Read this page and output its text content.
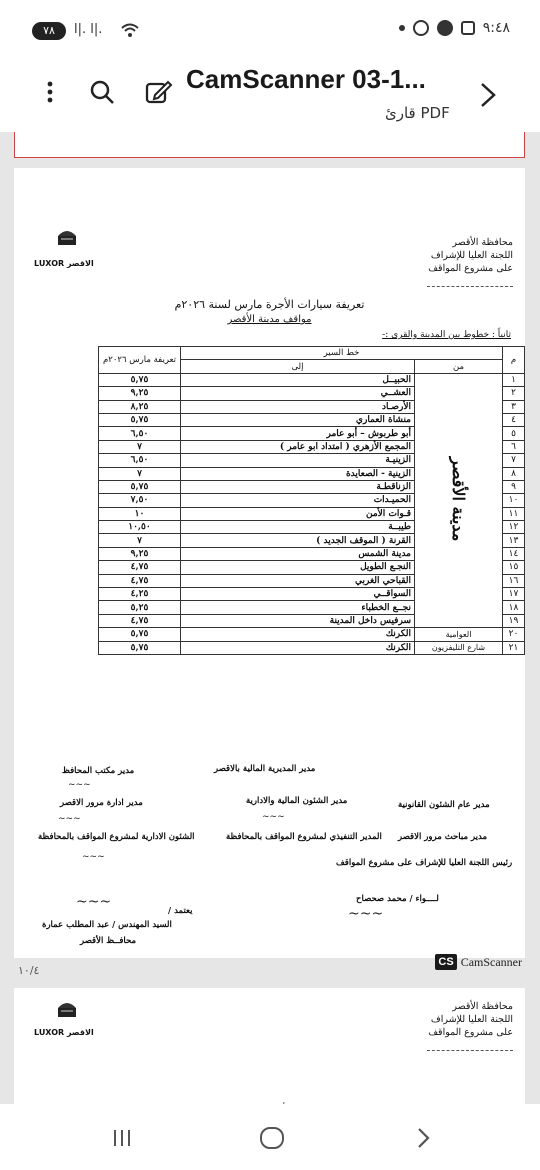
٧٨	l|. l|.	٩:٤٨
CamScanner 03-1...
قارئ PDF
محافظة الأقصر
اللجنة العليا للإشراف
على مشروع المواقف
LUXOR الاقصر
تعريفة سيارات الأجرة مارس لسنة ٢٠٢٦م
مواقف مدينة الأقصر
ثانياً : خطوط بين المدينة والقرى :-
م	خط السير		تعريفة مارس ٢٠٢٦م
	من	إلى	
١	مدينة الأقصر	الحبيــل	٥,٧٥
٢		العشــي	٩,٢٥
٣		الأرصـاد	٨,٢٥
٤		منشاة العماري	٥,٧٥
٥		أبو طربوش – أبو عامر	٦,٥٠
٦		المجمع الأزهري ( امتداد ابو عامر )	٧
٧		الزينيـة	٦,٥٠
٨		الزينية - الصعايدة	٧
٩		الزناقطـة	٥,٧٥
١٠		الحميـدات	٧,٥٠
١١		قـوات الأمن	١٠
١٢		طيبــة	١٠,٥٠
١٣		القرنة ( الموقف الجديد )	٧
١٤		مدينة الشمس	٩,٢٥
١٥		النجـع الطويل	٤,٧٥
١٦		القباحي الغربي	٤,٧٥
١٧		السواقــي	٤,٢٥
١٨		نجــع الخطباء	٥,٢٥
١٩		سرفيس داخل المدينة	٤,٧٥
٢٠	العوامية	الكرنك	٥,٧٥
٢١	شارع التليفزيون	الكرنك	٥,٧٥
مدير مكتب المحافظ	مدير المديرية المالية بالاقصر
~~~
مدير ادارة مرور الاقصر	مدير الشئون المالية والادارية	مدير عام الشئون القانونية
~~~	~~~
الشئون الادارية لمشروع المواقف بالمحافظة	المدير التنفيذي لمشروع المواقف بالمحافظة مدير مباحث مرور الاقصر
~~~
رئيس اللجنة العليا للإشراف على مشروع المواقف
لــــواء / محمد صحصاح
~~~
يعتمد /
~~~
السيد المهندس / عبد المطلب عمارة
محافــظ الأقصر
١٠/٤
CS CamScanner
محافظة الأقصر
اللجنة العليا للإشراف
على مشروع المواقف
LUXOR الاقصر
